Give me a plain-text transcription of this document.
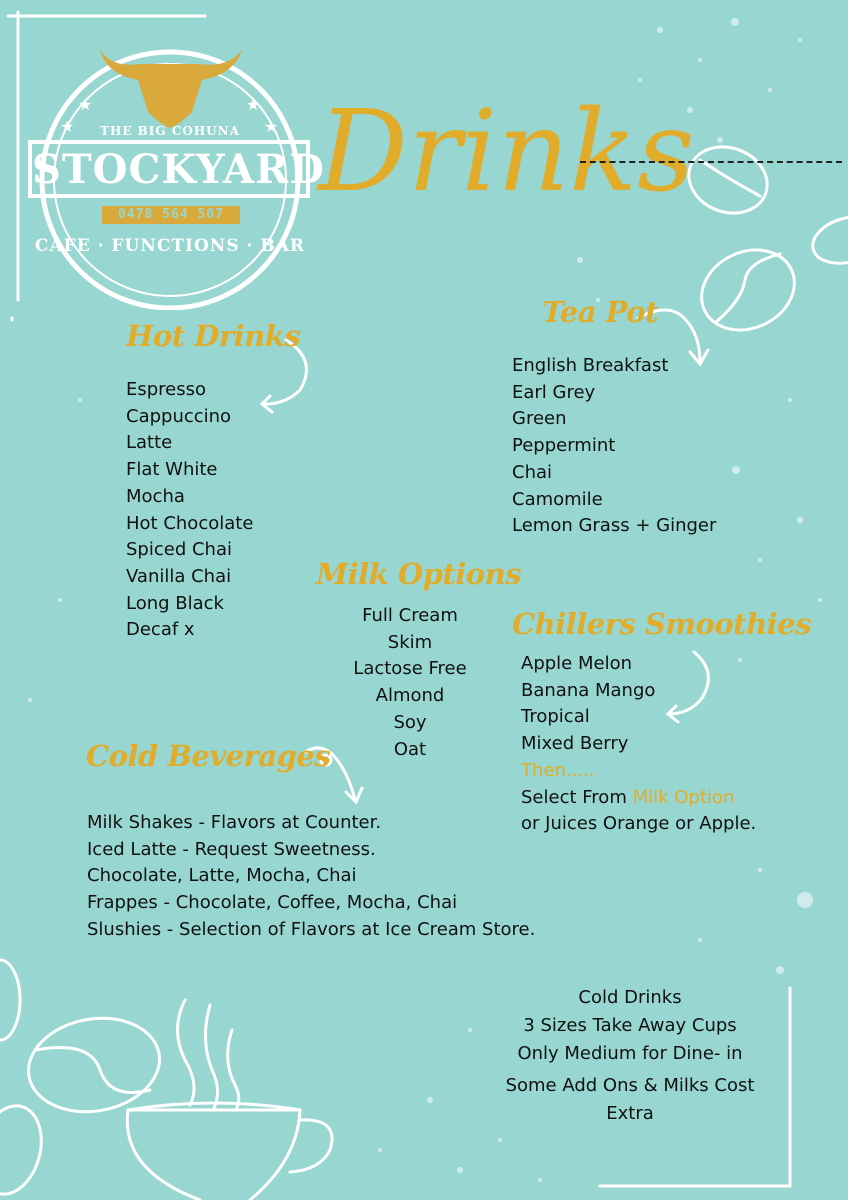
★
★	★
★
THE BIG COHUNA
STOCKYARD
0478 564 507
CAFE · FUNCTIONS · BAR
Drinks
Hot Drinks
Espresso
Cappuccino
Latte
Flat White
Mocha
Hot Chocolate
Spiced Chai
Vanilla Chai
Long Black
Decaf x
Tea Pot
English Breakfast
Earl Grey
Green
Peppermint
Chai
Camomile
Lemon Grass + Ginger
Milk Options
Full Cream
Skim
Lactose Free
Almond
Soy
Oat
Chillers Smoothies
Apple Melon
Banana Mango
Tropical
Mixed Berry
Then.....
Select From Milk Option
or Juices Orange or Apple.
Cold Beverages
Milk Shakes - Flavors at Counter.
Iced Latte - Request Sweetness.
Chocolate, Latte, Mocha, Chai
Frappes - Chocolate, Coffee, Mocha, Chai
Slushies - Selection of Flavors at Ice Cream Store.
Cold Drinks
3 Sizes Take Away Cups
Only Medium for Dine- in
Some Add Ons & Milks Cost
Extra
